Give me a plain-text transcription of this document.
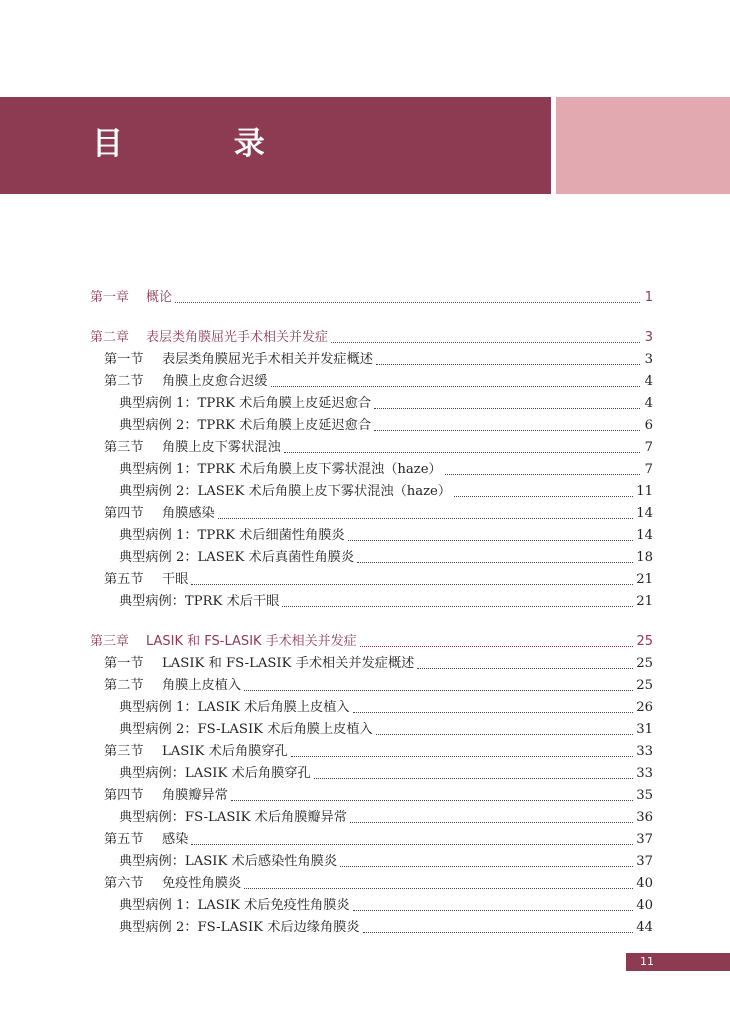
目 录
第一章 概论	1
第二章 表层类角膜屈光手术相关并发症	3
第一节 表层类角膜屈光手术相关并发症概述	3
第二节 角膜上皮愈合迟缓	4
典型病例 1：TPRK 术后角膜上皮延迟愈合	4
典型病例 2：TPRK 术后角膜上皮延迟愈合	6
第三节 角膜上皮下雾状混浊	7
典型病例 1：TPRK 术后角膜上皮下雾状混浊（haze）	7
典型病例 2：LASEK 术后角膜上皮下雾状混浊（haze）	11
第四节 角膜感染	14
典型病例 1：TPRK 术后细菌性角膜炎	14
典型病例 2：LASEK 术后真菌性角膜炎	18
第五节 干眼	21
典型病例：TPRK 术后干眼	21
第三章 LASIK 和 FS-LASIK 手术相关并发症	25
第一节 LASIK 和 FS-LASIK 手术相关并发症概述	25
第二节 角膜上皮植入	25
典型病例 1：LASIK 术后角膜上皮植入	26
典型病例 2：FS-LASIK 术后角膜上皮植入	31
第三节 LASIK 术后角膜穿孔	33
典型病例：LASIK 术后角膜穿孔	33
第四节 角膜瓣异常	35
典型病例：FS-LASIK 术后角膜瓣异常	36
第五节 感染	37
典型病例：LASIK 术后感染性角膜炎	37
第六节 免疫性角膜炎	40
典型病例 1：LASIK 术后免疫性角膜炎	40
典型病例 2：FS-LASIK 术后边缘角膜炎	44
11
